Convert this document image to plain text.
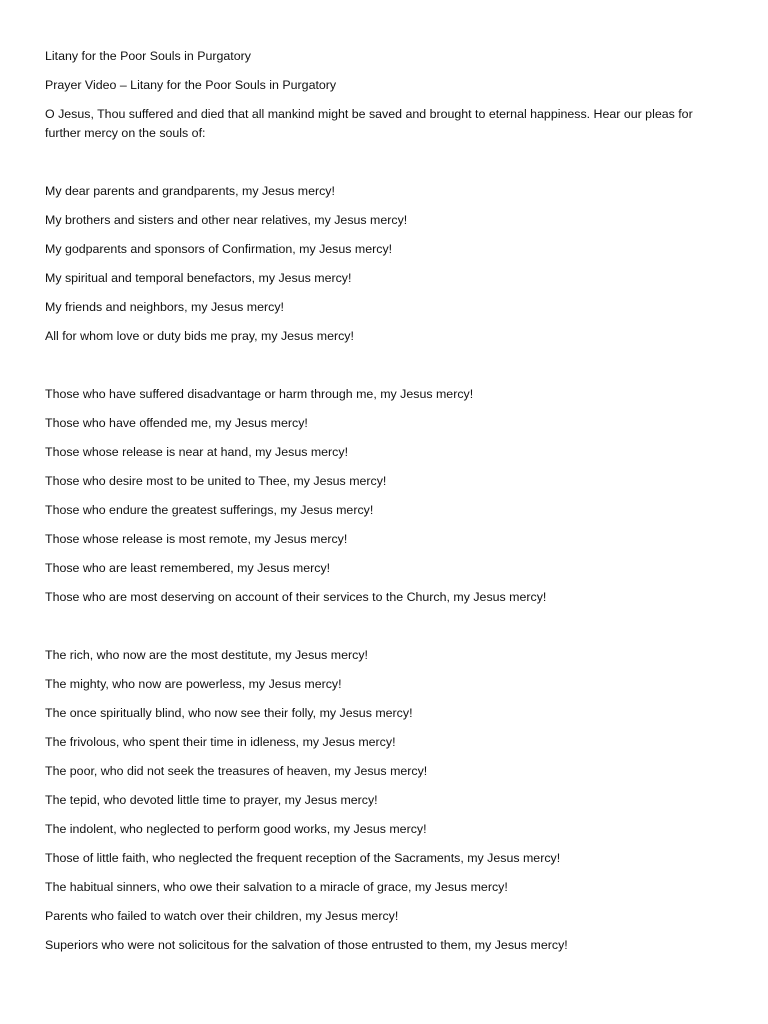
Litany for the Poor Souls in Purgatory
Prayer Video – Litany for the Poor Souls in Purgatory
O Jesus, Thou suffered and died that all mankind might be saved and brought to eternal happiness. Hear our pleas for further mercy on the souls of:
My dear parents and grandparents, my Jesus mercy!
My brothers and sisters and other near relatives, my Jesus mercy!
My godparents and sponsors of Confirmation, my Jesus mercy!
My spiritual and temporal benefactors, my Jesus mercy!
My friends and neighbors, my Jesus mercy!
All for whom love or duty bids me pray, my Jesus mercy!
Those who have suffered disadvantage or harm through me, my Jesus mercy!
Those who have offended me, my Jesus mercy!
Those whose release is near at hand, my Jesus mercy!
Those who desire most to be united to Thee, my Jesus mercy!
Those who endure the greatest sufferings, my Jesus mercy!
Those whose release is most remote, my Jesus mercy!
Those who are least remembered, my Jesus mercy!
Those who are most deserving on account of their services to the Church, my Jesus mercy!
The rich, who now are the most destitute, my Jesus mercy!
The mighty, who now are powerless, my Jesus mercy!
The once spiritually blind, who now see their folly, my Jesus mercy!
The frivolous, who spent their time in idleness, my Jesus mercy!
The poor, who did not seek the treasures of heaven, my Jesus mercy!
The tepid, who devoted little time to prayer, my Jesus mercy!
The indolent, who neglected to perform good works, my Jesus mercy!
Those of little faith, who neglected the frequent reception of the Sacraments, my Jesus mercy!
The habitual sinners, who owe their salvation to a miracle of grace, my Jesus mercy!
Parents who failed to watch over their children, my Jesus mercy!
Superiors who were not solicitous for the salvation of those entrusted to them, my Jesus mercy!
